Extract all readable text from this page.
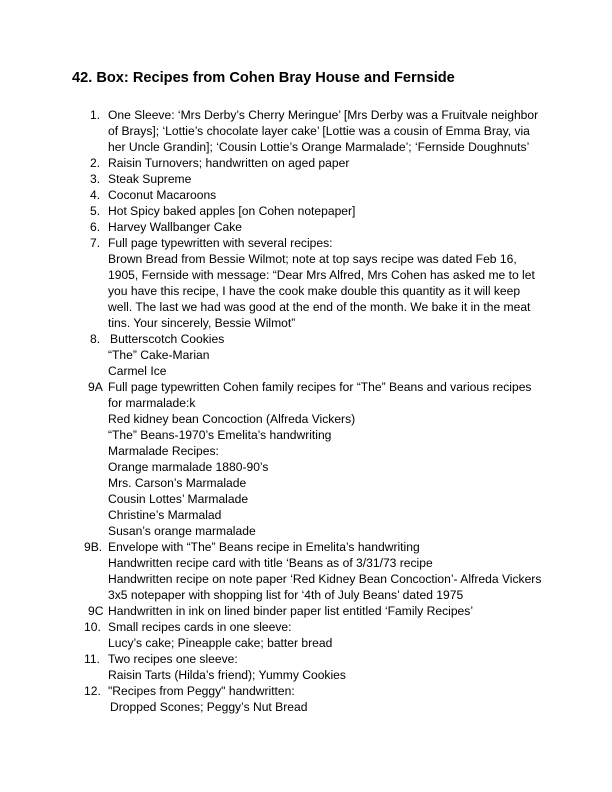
42. Box: Recipes from Cohen Bray House and Fernside
1. One Sleeve: ‘Mrs Derby’s Cherry Meringue’ [Mrs Derby was a Fruitvale neighbor
of Brays]; ‘Lottie’s chocolate layer cake’ [Lottie was a cousin of Emma Bray, via
her Uncle Grandin]; ‘Cousin Lottie’s Orange Marmalade’; ‘Fernside Doughnuts’
2. Raisin Turnovers; handwritten on aged paper
3. Steak Supreme
4. Coconut Macaroons
5. Hot Spicy baked apples [on Cohen notepaper]
6. Harvey Wallbanger Cake
7. Full page typewritten with several recipes:
Brown Bread from Bessie Wilmot; note at top says recipe was dated Feb 16,
1905, Fernside with message: “Dear Mrs Alfred, Mrs Cohen has asked me to let
you have this recipe, I have the cook make double this quantity as it will keep
well. The last we had was good at the end of the month. We bake it in the meat
tins. Your sincerely, Bessie Wilmot”
8. Butterscotch Cookies
“The” Cake-Marian
Carmel Ice
9A Full page typewritten Cohen family recipes for “The” Beans and various recipes
for marmalade:k
Red kidney bean Concoction (Alfreda Vickers)
“The” Beans-1970’s Emelita’s handwriting
Marmalade Recipes:
Orange marmalade 1880-90’s
Mrs. Carson’s Marmalade
Cousin Lottes’ Marmalade
Christine’s Marmalad
Susan’s orange marmalade
9B. Envelope with “The” Beans recipe in Emelita’s handwriting
Handwritten recipe card with title ‘Beans as of 3/31/73 recipe
Handwritten recipe on note paper ‘Red Kidney Bean Concoction’- Alfreda Vickers
3x5 notepaper with shopping list for ‘4th of July Beans’ dated 1975
9C Handwritten in ink on lined binder paper list entitled ‘Family Recipes’
10. Small recipes cards in one sleeve:
Lucy’s cake; Pineapple cake; batter bread
11. Two recipes one sleeve:
Raisin Tarts (Hilda’s friend); Yummy Cookies
12. "Recipes from Peggy" handwritten:
Dropped Scones; Peggy’s Nut Bread
